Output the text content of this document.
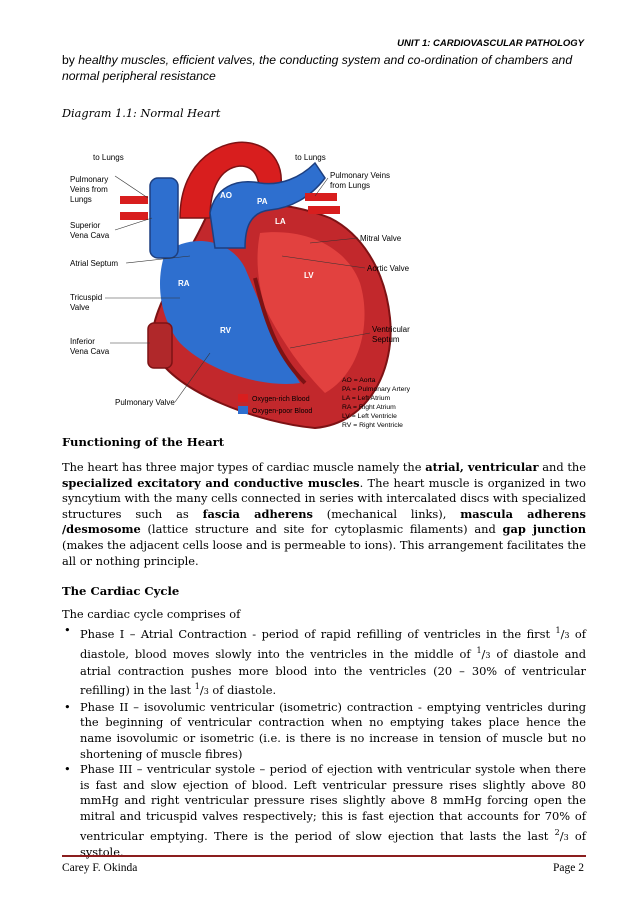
UNIT 1: CARDIOVASCULAR PATHOLOGY
by healthy muscles, efficient valves, the conducting system and co-ordination of chambers and normal peripheral resistance
Diagram 1.1: Normal Heart
AO
PA
LA
LV
RA
RV
to Lungs
Pulmonary
Veins from
Lungs
Superior
Vena Cava
Atrial Septum
Tricuspid
Valve
Inferior
Vena Cava
Pulmonary Valve
to Lungs
Pulmonary Veins
from Lungs
Mitral Valve
Aortic Valve
Ventricular
Septum
Oxygen-rich Blood
Oxygen-poor Blood
AO = Aorta
PA = Pulmonary Artery
LA = Left Atrium
RA = Right Atrium
LV = Left Ventricle
RV = Right Ventricle
Functioning of the Heart
The heart has three major types of cardiac muscle namely the atrial, ventricular and the specialized excitatory and conductive muscles. The heart muscle is organized in two syncytium with the many cells connected in series with intercalated discs with specialized structures such as fascia adherens (mechanical links), mascula adherens /desmosome (lattice structure and site for cytoplasmic filaments) and gap junction (makes the adjacent cells loose and is permeable to ions). This arrangement facilitates the all or nothing principle.
The Cardiac Cycle
The cardiac cycle comprises of
• Phase I – Atrial Contraction - period of rapid refilling of ventricles in the first $^1$/3 of diastole, blood moves slowly into the ventricles in the middle of $^1$/3 of diastole and atrial contraction pushes more blood into the ventricles (20 – 30% of ventricular refilling) in the last $^1$/3 of diastole.
• Phase II – isovolumic ventricular (isometric) contraction - emptying ventricles during the beginning of ventricular contraction when no emptying takes place hence the name isovolumic or isometric (i.e. is there is no increase in tension of muscle but no shortening of muscle fibres)
• Phase III – ventricular systole – period of ejection with ventricular systole when there is fast and slow ejection of blood. Left ventricular pressure rises slightly above 80 mmHg and right ventricular pressure rises slightly above 8 mmHg forcing open the mitral and tricuspid valves respectively; this is fast ejection that accounts for 70% of ventricular emptying. There is the period of slow ejection that lasts the last $^2$/3 of systole.
Carey F. Okinda	Page 2
